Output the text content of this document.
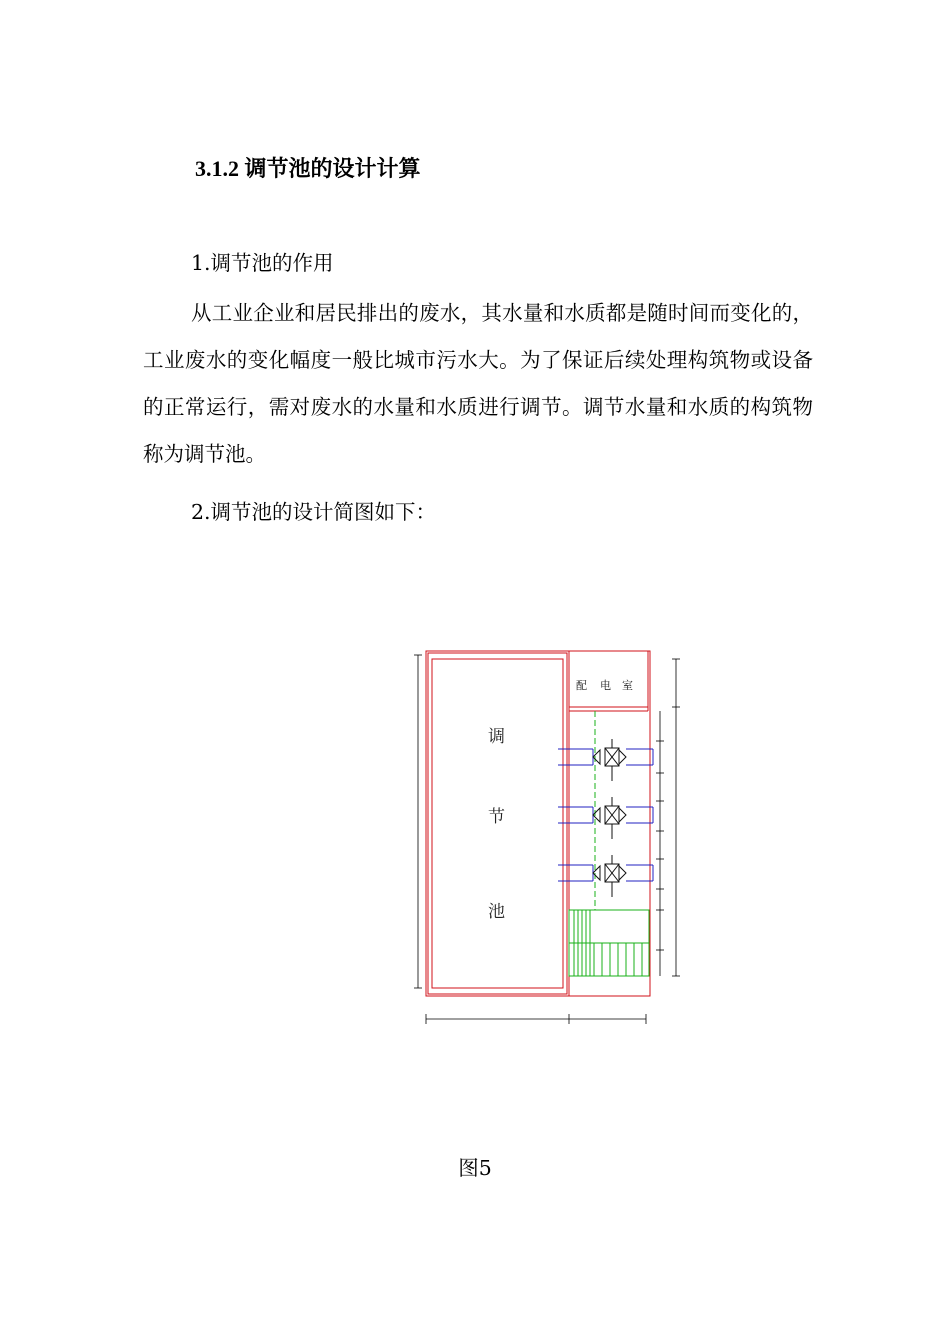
3.1.2 调节池的设计计算
1.调节池的作用
从工业企业和居民排出的废水，其水量和水质都是随时间而变化的，工业废水的变化幅度一般比城市污水大。为了保证后续处理构筑物或设备的正常运行，需对废水的水量和水质进行调节。调节水量和水质的构筑物称为调节池。
2.调节池的设计简图如下：
调
节
池
配 电 室
图5
